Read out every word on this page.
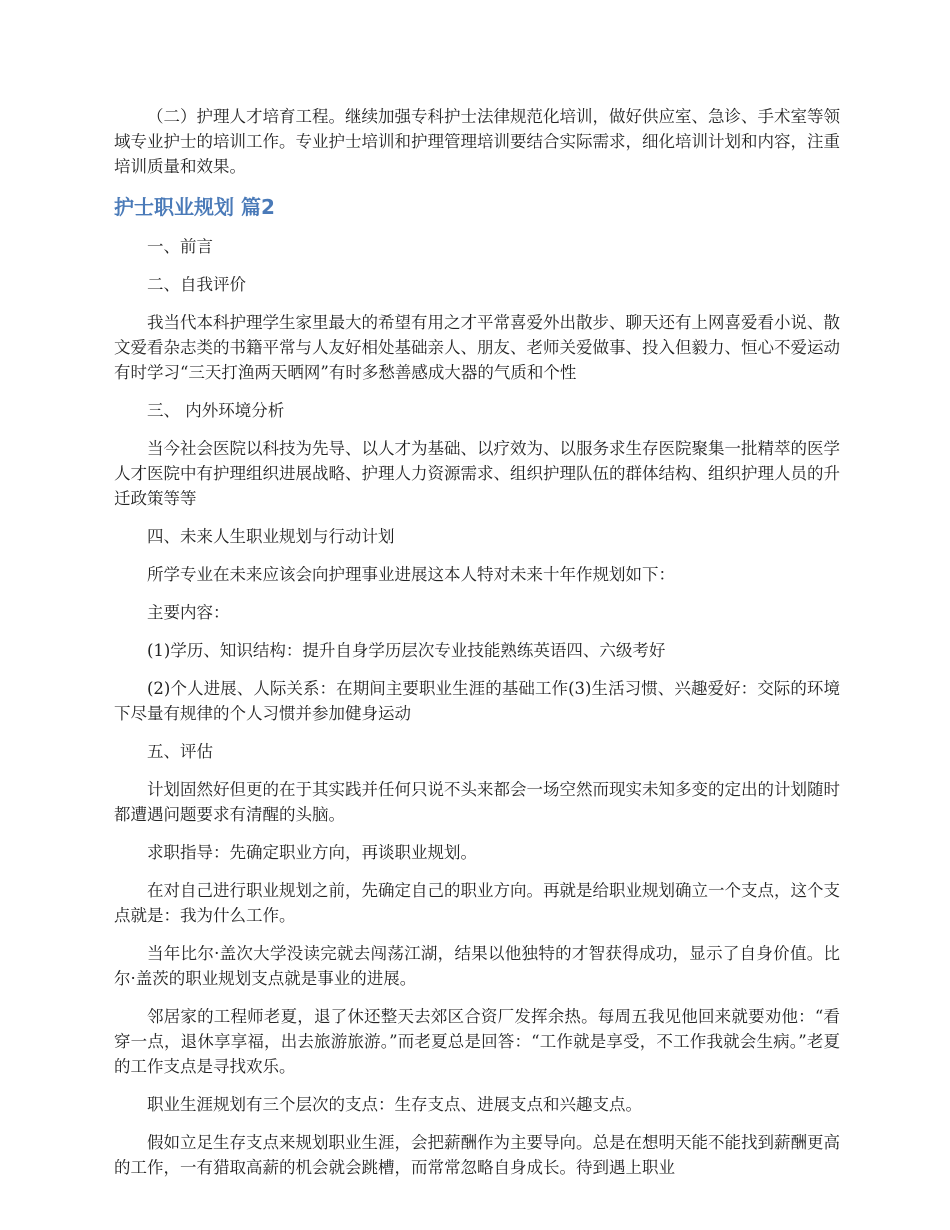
（二）护理人才培育工程。继续加强专科护士法律规范化培训，做好供应室、急诊、手术室等领域专业护士的培训工作。专业护士培训和护理管理培训要结合实际需求，细化培训计划和内容，注重培训质量和效果。

护士职业规划 篇2

一、前言

二、自我评价

我当代本科护理学生家里最大的希望有用之才平常喜爱外出散步、聊天还有上网喜爱看小说、散文爱看杂志类的书籍平常与人友好相处基础亲人、朋友、老师关爱做事、投入但毅力、恒心不爱运动有时学习“三天打渔两天晒网”有时多愁善感成大器的气质和个性

三、 内外环境分析

当今社会医院以科技为先导、以人才为基础、以疗效为、以服务求生存医院聚集一批精萃的医学人才医院中有护理组织进展战略、护理人力资源需求、组织护理队伍的群体结构、组织护理人员的升迁政策等等

四、未来人生职业规划与行动计划

所学专业在未来应该会向护理事业进展这本人特对未来十年作规划如下：

主要内容：

(1)学历、知识结构：提升自身学历层次专业技能熟练英语四、六级考好

(2)个人进展、人际关系：在期间主要职业生涯的基础工作(3)生活习惯、兴趣爱好：交际的环境下尽量有规律的个人习惯并参加健身运动

五、评估

计划固然好但更的在于其实践并任何只说不头来都会一场空然而现实未知多变的定出的计划随时都遭遇问题要求有清醒的头脑。

求职指导：先确定职业方向，再谈职业规划。

在对自己进行职业规划之前，先确定自己的职业方向。再就是给职业规划确立一个支点，这个支点就是：我为什么工作。

当年比尔·盖次大学没读完就去闯荡江湖，结果以他独特的才智获得成功，显示了自身价值。比尔·盖茨的职业规划支点就是事业的进展。

邻居家的工程师老夏，退了休还整天去郊区合资厂发挥余热。每周五我见他回来就要劝他：“看穿一点，退休享享福，出去旅游旅游。”而老夏总是回答：“工作就是享受，不工作我就会生病。”老夏的工作支点是寻找欢乐。

职业生涯规划有三个层次的支点：生存支点、进展支点和兴趣支点。

假如立足生存支点来规划职业生涯，会把薪酬作为主要导向。总是在想明天能不能找到薪酬更高的工作，一有猎取高薪的机会就会跳槽，而常常忽略自身成长。待到遇上职业
